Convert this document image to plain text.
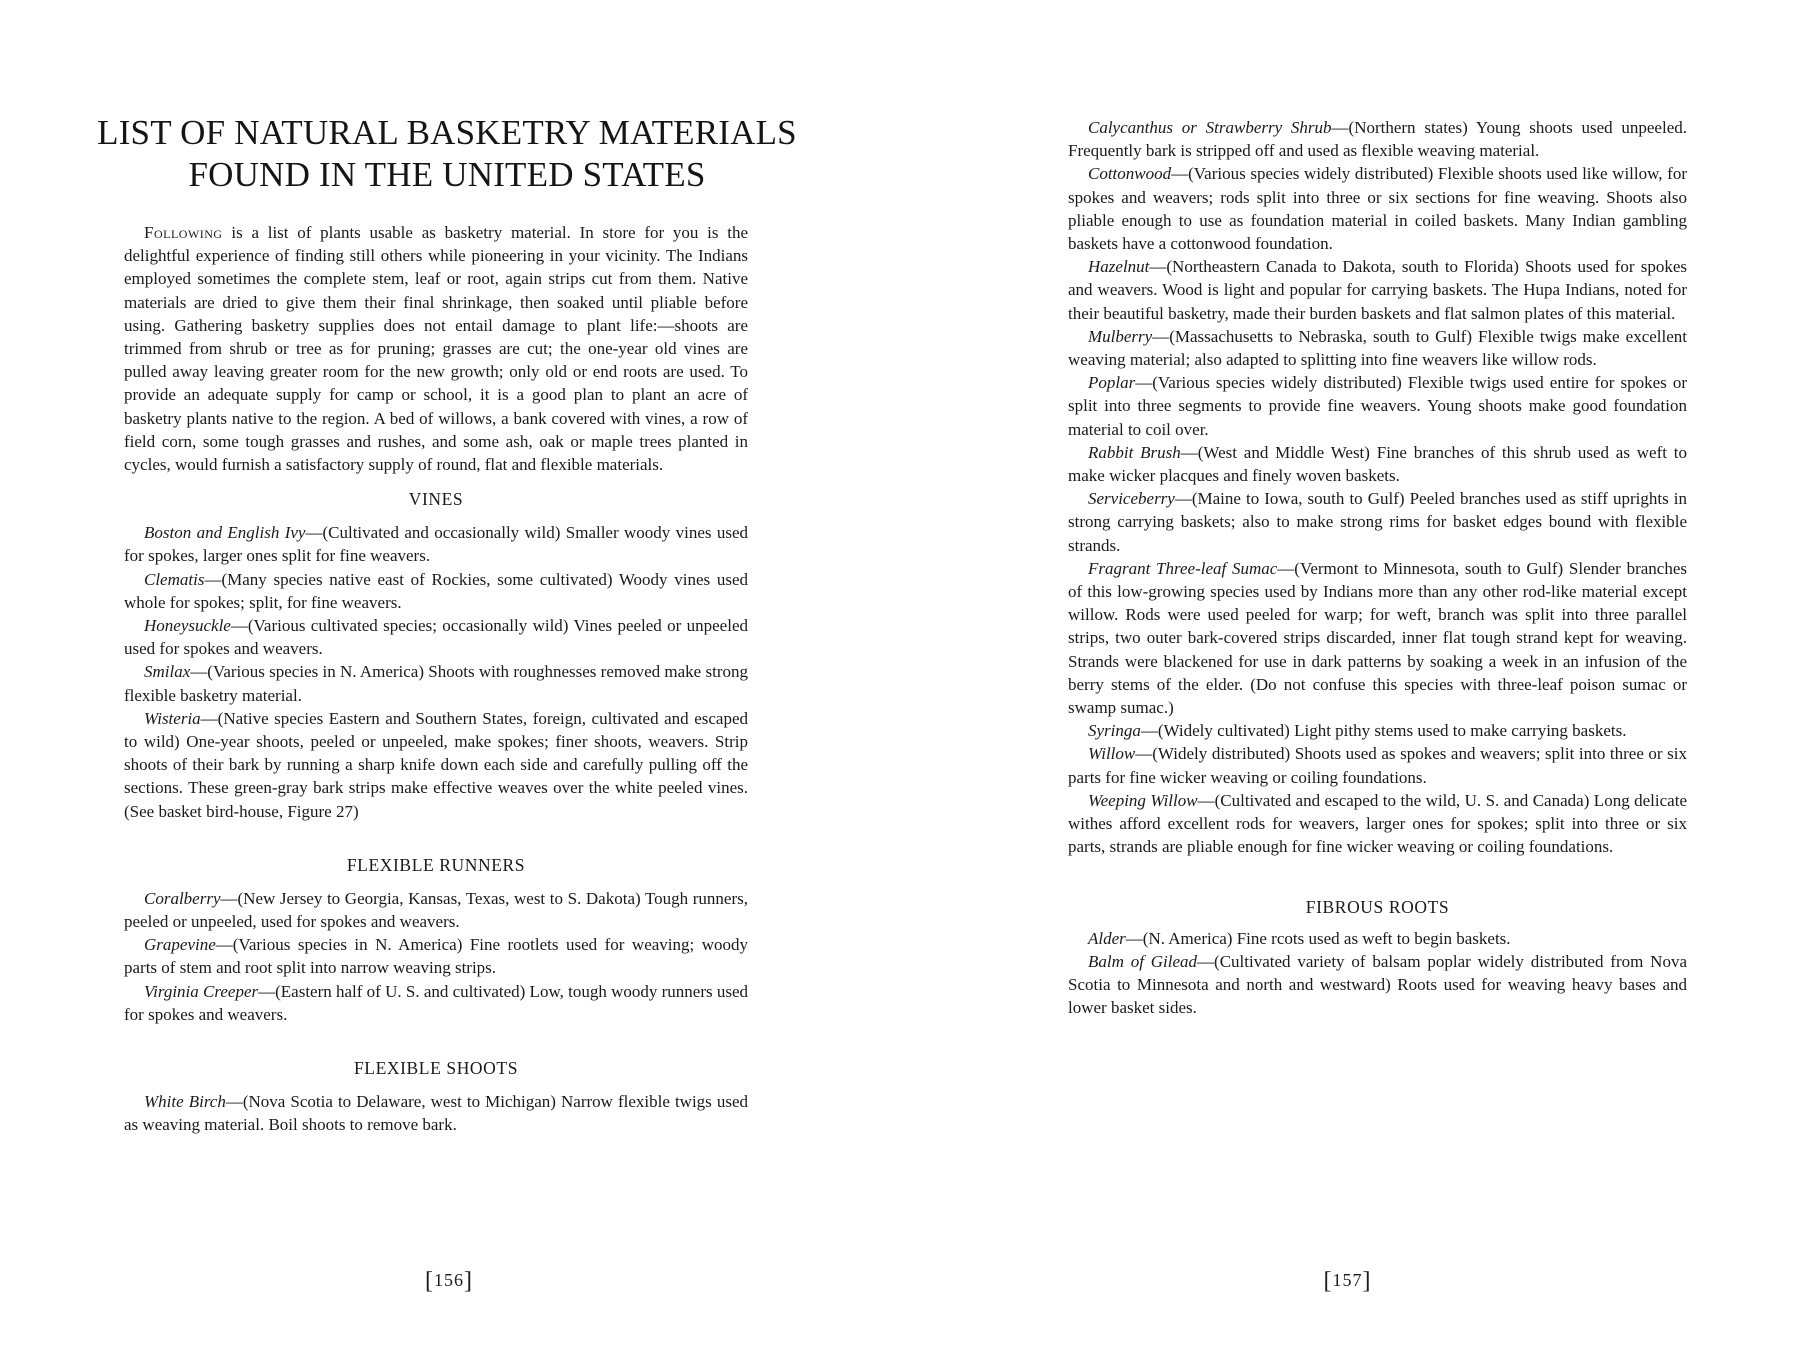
LIST OF NATURAL BASKETRY MATERIALS
FOUND IN THE UNITED STATES

Following is a list of plants usable as basketry material. In store for you is the delightful experience of finding still others while pioneering in your vicinity. The Indians employed sometimes the complete stem, leaf or root, again strips cut from them. Native materials are dried to give them their final shrinkage, then soaked until pliable before using. Gathering basketry supplies does not entail damage to plant life:—shoots are trimmed from shrub or tree as for pruning; grasses are cut; the one-year old vines are pulled away leaving greater room for the new growth; only old or end roots are used. To provide an adequate supply for camp or school, it is a good plan to plant an acre of basketry plants native to the region. A bed of willows, a bank covered with vines, a row of field corn, some tough grasses and rushes, and some ash, oak or maple trees planted in cycles, would furnish a satisfactory supply of round, flat and flexible materials.

VINES

Boston and English Ivy—(Cultivated and occasionally wild) Smaller woody vines used for spokes, larger ones split for fine weavers.

Clematis—(Many species native east of Rockies, some cultivated) Woody vines used whole for spokes; split, for fine weavers.

Honeysuckle—(Various cultivated species; occasionally wild) Vines peeled or unpeeled used for spokes and weavers.

Smilax—(Various species in N. America) Shoots with roughnesses removed make strong flexible basketry material.

Wisteria—(Native species Eastern and Southern States, foreign, cultivated and escaped to wild) One-year shoots, peeled or unpeeled, make spokes; finer shoots, weavers. Strip shoots of their bark by running a sharp knife down each side and carefully pulling off the sections. These green-gray bark strips make effective weaves over the white peeled vines. (See basket bird-house, Figure 27)

FLEXIBLE RUNNERS

Coralberry—(New Jersey to Georgia, Kansas, Texas, west to S. Dakota) Tough runners, peeled or unpeeled, used for spokes and weavers.

Grapevine—(Various species in N. America) Fine rootlets used for weaving; woody parts of stem and root split into narrow weaving strips.

Virginia Creeper—(Eastern half of U. S. and cultivated) Low, tough woody runners used for spokes and weavers.

FLEXIBLE SHOOTS

White Birch—(Nova Scotia to Delaware, west to Michigan) Narrow flexible twigs used as weaving material. Boil shoots to remove bark.

[156]

Calycanthus or Strawberry Shrub—(Northern states) Young shoots used unpeeled. Frequently bark is stripped off and used as flexible weaving material.

Cottonwood—(Various species widely distributed) Flexible shoots used like willow, for spokes and weavers; rods split into three or six sections for fine weaving. Shoots also pliable enough to use as foundation material in coiled baskets. Many Indian gambling baskets have a cottonwood foundation.

Hazelnut—(Northeastern Canada to Dakota, south to Florida) Shoots used for spokes and weavers. Wood is light and popular for carrying baskets. The Hupa Indians, noted for their beautiful basketry, made their burden baskets and flat salmon plates of this material.

Mulberry—(Massachusetts to Nebraska, south to Gulf) Flexible twigs make excellent weaving material; also adapted to splitting into fine weavers like willow rods.

Poplar—(Various species widely distributed) Flexible twigs used entire for spokes or split into three segments to provide fine weavers. Young shoots make good foundation material to coil over.

Rabbit Brush—(West and Middle West) Fine branches of this shrub used as weft to make wicker placques and finely woven baskets.

Serviceberry—(Maine to Iowa, south to Gulf) Peeled branches used as stiff uprights in strong carrying baskets; also to make strong rims for basket edges bound with flexible strands.

Fragrant Three-leaf Sumac—(Vermont to Minnesota, south to Gulf) Slender branches of this low-growing species used by Indians more than any other rod-like material except willow. Rods were used peeled for warp; for weft, branch was split into three parallel strips, two outer bark-covered strips discarded, inner flat tough strand kept for weaving. Strands were blackened for use in dark patterns by soaking a week in an infusion of the berry stems of the elder. (Do not confuse this species with three-leaf poison sumac or swamp sumac.)

Syringa—(Widely cultivated) Light pithy stems used to make carrying baskets.

Willow—(Widely distributed) Shoots used as spokes and weavers; split into three or six parts for fine wicker weaving or coiling foundations.

Weeping Willow—(Cultivated and escaped to the wild, U. S. and Canada) Long delicate withes afford excellent rods for weavers, larger ones for spokes; split into three or six parts, strands are pliable enough for fine wicker weaving or coiling foundations.

FIBROUS ROOTS

Alder—(N. America) Fine rcots used as weft to begin baskets.

Balm of Gilead—(Cultivated variety of balsam poplar widely distributed from Nova Scotia to Minnesota and north and westward) Roots used for weaving heavy bases and lower basket sides.

[157]
